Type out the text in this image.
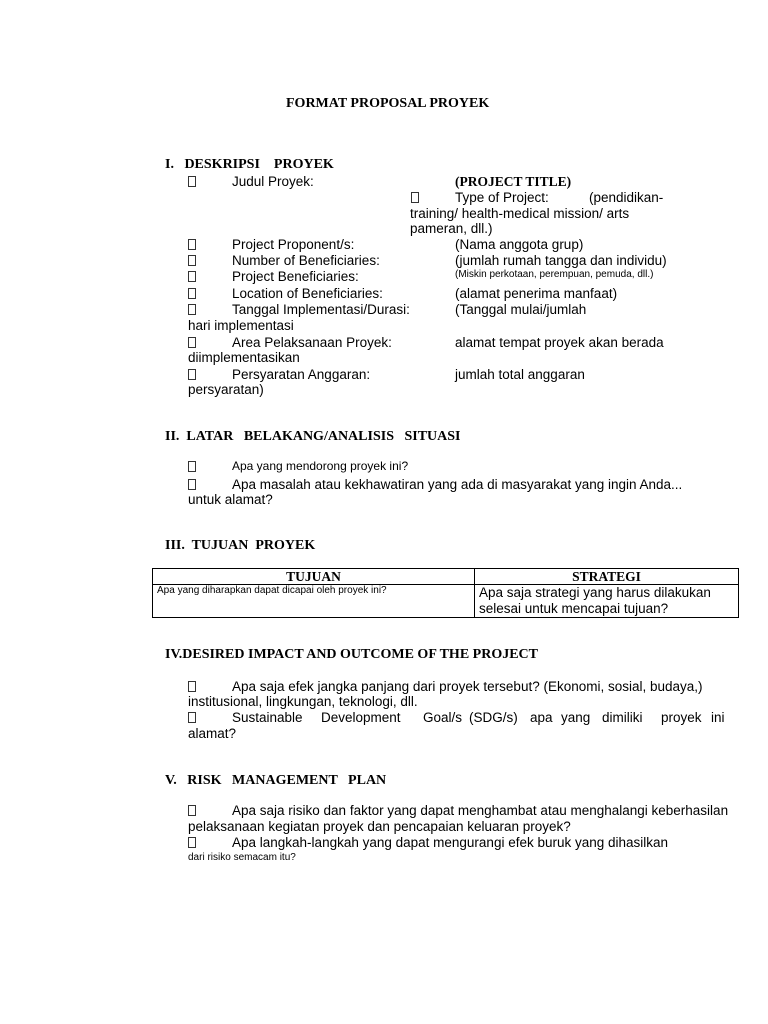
FORMAT PROPOSAL PROYEK
I.   DESKRIPSI    PROYEK
Judul Proyek:	(PROJECT TITLE)
Type of Project:	(pendidikan-
training/ health-medical mission/ arts
pameran, dll.)
Project Proponent/s:	(Nama anggota grup)
Number of Beneficiaries:	(jumlah rumah tangga dan individu)
Project Beneficiaries:	(Miskin perkotaan, perempuan, pemuda, dll.)
Location of Beneficiaries:	(alamat penerima manfaat)
Tanggal Implementasi/Durasi:	(Tanggal mulai/jumlah
hari implementasi
Area Pelaksanaan Proyek:	alamat tempat proyek akan berada
diimplementasikan
Persyaratan Anggaran:	jumlah total anggaran
persyaratan)
II.  LATAR   BELAKANG/ANALISIS   SITUASI
Apa yang mendorong proyek ini?
Apa masalah atau kekhawatiran yang ada di masyarakat yang ingin Anda...
untuk alamat?
III.  TUJUAN  PROYEK
TUJUAN	STRATEGI
Apa yang diharapkan dapat dicapai oleh proyek ini?	Apa saja strategi yang harus dilakukan
selesai untuk mencapai tujuan?
IV.DESIRED IMPACT AND OUTCOME OF THE PROJECT
Apa saja efek jangka panjang dari proyek tersebut? (Ekonomi, sosial, budaya,)
institusional, lingkungan, teknologi, dll.
Sustainable Development Goal/s (SDG/s) apa yang dimiliki proyek ini
alamat?
V.   RISK   MANAGEMENT   PLAN
Apa saja risiko dan faktor yang dapat menghambat atau menghalangi keberhasilan
pelaksanaan kegiatan proyek dan pencapaian keluaran proyek?
Apa langkah-langkah yang dapat mengurangi efek buruk yang dihasilkan
dari risiko semacam itu?
